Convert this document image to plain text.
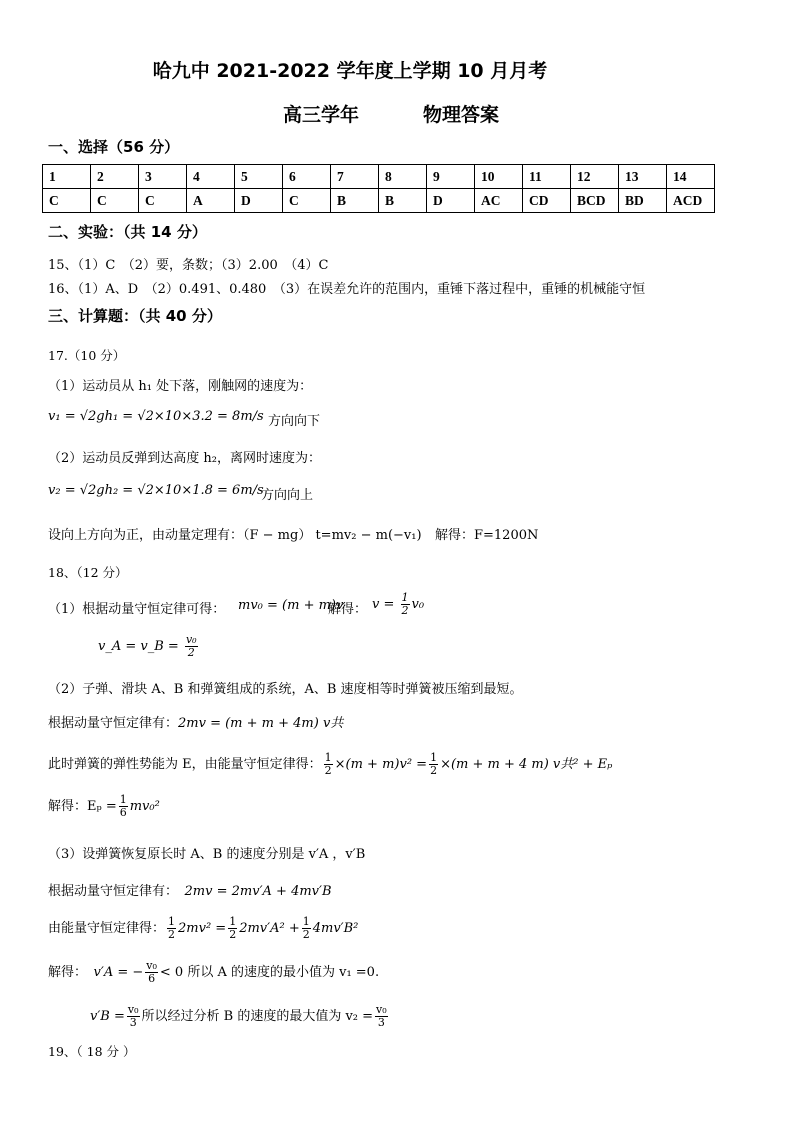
哈九中 2021-2022 学年度上学期 10 月月考
高三学年	物理答案
一、选择（56 分）
1	2	3	4	5	6	7	8	9	10	11	12	13	14
C	C	C	A	D	C	B	B	D	AC	CD	BCD	BD	ACD
二、实验：（共 14 分）
15、（1）C　（2）要，条数；（3）2.00　（4）C
16、（1）A、D　（2）0.491、0.480　（3）在误差允许的范围内，重锤下落过程中，重锤的机械能守恒
三、计算题：（共 40 分）
17.（10 分）
（1）运动员从 h₁ 处下落，刚触网的速度为：
v₁ = √2gh₁ = √2×10×3.2 = 8m/s 方向向下
（2）运动员反弹到达高度 h₂，离网时速度为：
v₂ = √2gh₂ = √2×10×1.8 = 6m/s
方向向上
设向上方向为正，由动量定理有：（F − mg） t=mv₂ − m(−v₁) 解得：F=1200N
18、（12 分）
（1）根据动量守恒定律可得： mv₀ = (m + m)v
解得： $v = \frac{1}{2} v_0$
v_A = v_B = $\frac{\text{v₀}}{2}$
（2）子弹、滑块 A、B 和弹簧组成的系统，A、B 速度相等时弹簧被压缩到最短。
根据动量守恒定律有：2mv = (m + m + 4m) v共
此时弹簧的弹性势能为 E，由能量守恒定律得： $\frac{1}{2} \times(m + m)v^2 = \frac{1}{2} \times(m + m + 4$ m) v共² + Eₚ
解得：$E_p = \frac{1}{6} mv_0^2$
（3）设弹簧恢复原长时 A、B 的速度分别是 v′A ，v′B
根据动量守恒定律有：　 2mv = 2mv′A + 4mv′B
由能量守恒定律得： $\frac{1}{2} 2mv^2 = \frac{1}{2} 2mv'A^2 + \frac{1}{2} 4mv'B^2$
解得：　 v′A = − $\frac{\text{v₀}}{6} < 0$ 所以 A 的速度的最小值为 v₁ =0.
$v'B = \frac{\text{v₀}}{3}$ 所以经过分析 B 的速度的最大值为 $v_2 = \frac{\text{v₀}}{3}$
19、（ 18 分 ）
